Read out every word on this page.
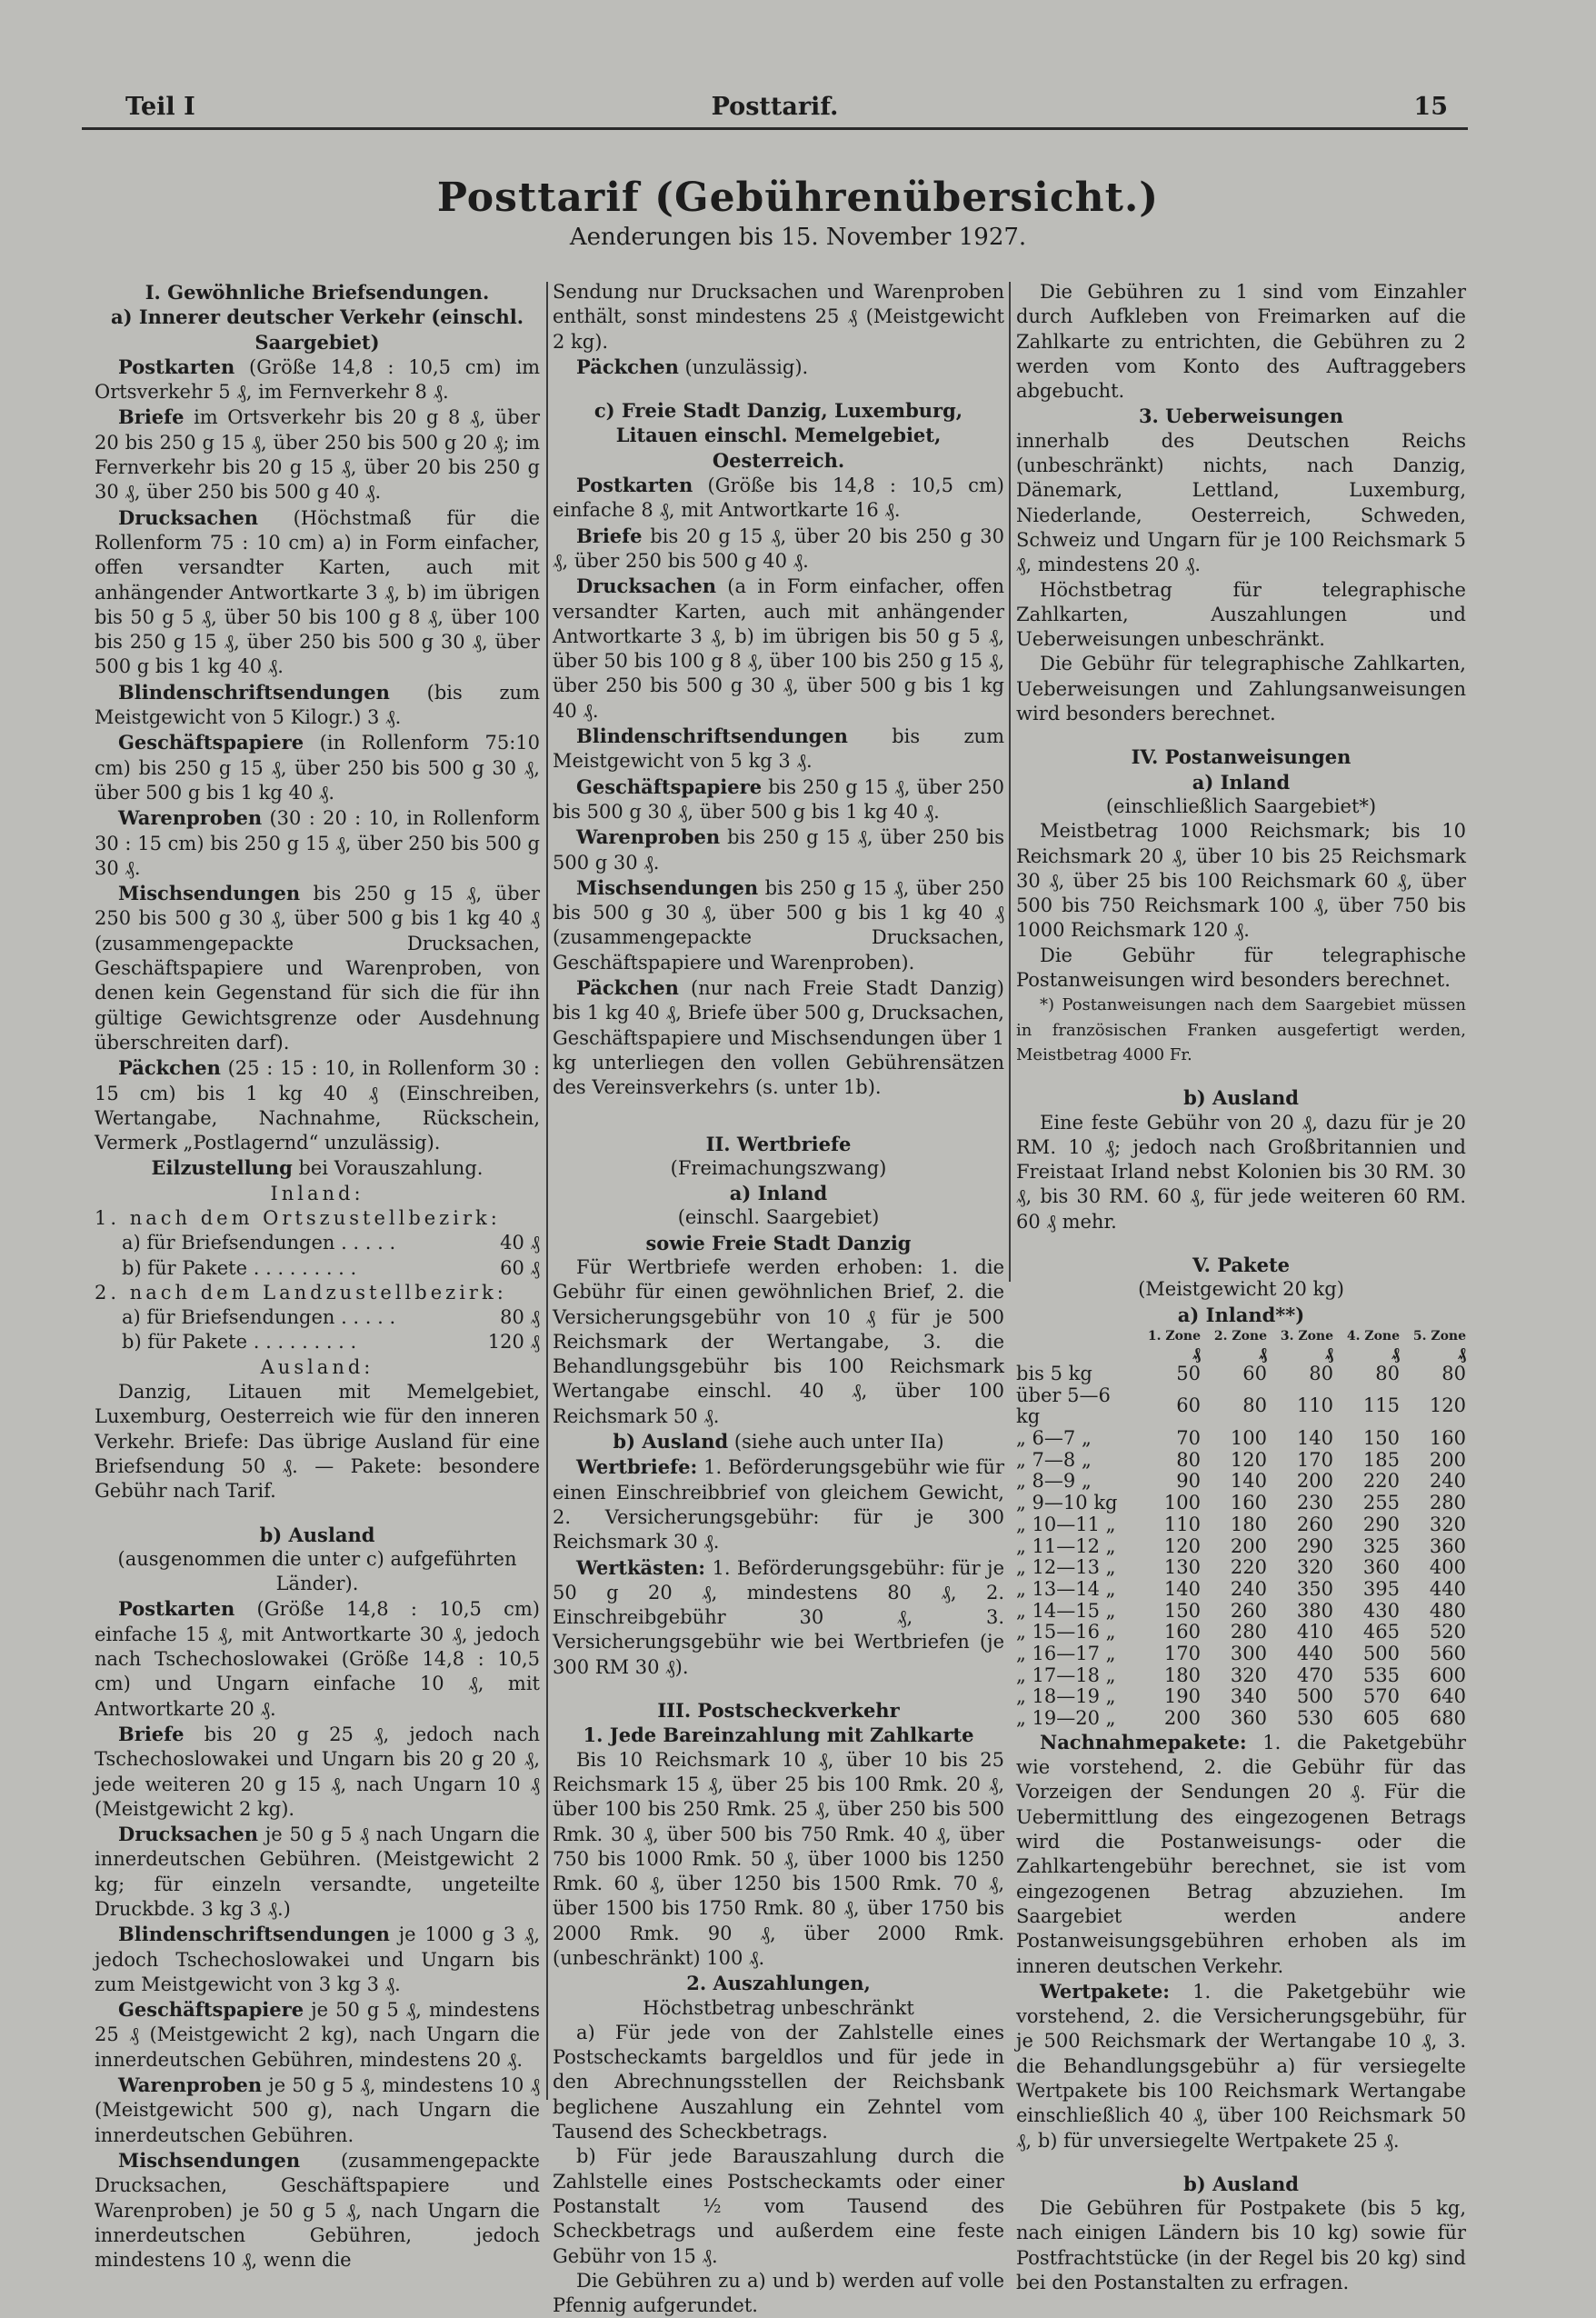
Teil I	Posttarif.	15
Posttarif (Gebührenübersicht.)
Aenderungen bis 15. November 1927.

I. Gewöhnliche Briefsendungen.

a) Innerer deutscher Verkehr (einschl. Saargebiet)

Postkarten (Größe 14,8 : 10,5 cm) im Ortsverkehr 5 ₰, im Fernverkehr 8 ₰.

Briefe im Ortsverkehr bis 20 g 8 ₰, über 20 bis 250 g 15 ₰, über 250 bis 500 g 20 ₰; im Fernverkehr bis 20 g 15 ₰, über 20 bis 250 g 30 ₰, über 250 bis 500 g 40 ₰.

Drucksachen (Höchstmaß für die Rollenform 75 : 10 cm) a) in Form einfacher, offen versandter Karten, auch mit anhängender Antwortkarte 3 ₰, b) im übrigen bis 50 g 5 ₰, über 50 bis 100 g 8 ₰, über 100 bis 250 g 15 ₰, über 250 bis 500 g 30 ₰, über 500 g bis 1 kg 40 ₰.

Blindenschriftsendungen (bis zum Meistgewicht von 5 Kilogr.) 3 ₰.

Geschäftspapiere (in Rollenform 75:10 cm) bis 250 g 15 ₰, über 250 bis 500 g 30 ₰, über 500 g bis 1 kg 40 ₰.

Warenproben (30 : 20 : 10, in Rollenform 30 : 15 cm) bis 250 g 15 ₰, über 250 bis 500 g 30 ₰.

Mischsendungen bis 250 g 15 ₰, über 250 bis 500 g 30 ₰, über 500 g bis 1 kg 40 ₰ (zusammengepackte Drucksachen, Geschäftspapiere und Warenproben, von denen kein Gegenstand für sich die für ihn gültige Gewichtsgrenze oder Ausdehnung überschreiten darf).

Päckchen (25 : 15 : 10, in Rollenform 30 : 15 cm) bis 1 kg 40 ₰ (Einschreiben, Wertangabe, Nachnahme, Rückschein, Vermerk „Postlagernd“ unzulässig).

Eilzustellung bei Vorauszahlung.

Inland:

1. nach dem Ortszustellbezirk:

a) für Briefsendungen . . . . .	40 ₰
b) für Pakete . . . . . . . . .	60 ₰

2. nach dem Landzustellbezirk:

a) für Briefsendungen . . . . .	80 ₰
b) für Pakete . . . . . . . . .	120 ₰

Ausland:

Danzig, Litauen mit Memelgebiet, Luxemburg, Oesterreich wie für den inneren Verkehr. Briefe: Das übrige Ausland für eine Briefsendung 50 ₰. — Pakete: besondere Gebühr nach Tarif.

b) Ausland

(ausgenommen die unter c) aufgeführten Länder).

Postkarten (Größe 14,8 : 10,5 cm) einfache 15 ₰, mit Antwortkarte 30 ₰, jedoch nach Tschechoslowakei (Größe 14,8 : 10,5 cm) und Ungarn einfache 10 ₰, mit Antwortkarte 20 ₰.

Briefe bis 20 g 25 ₰, jedoch nach Tschechoslowakei und Ungarn bis 20 g 20 ₰, jede weiteren 20 g 15 ₰, nach Ungarn 10 ₰ (Meistgewicht 2 kg).

Drucksachen je 50 g 5 ₰ nach Ungarn die innerdeutschen Gebühren. (Meistgewicht 2 kg; für einzeln versandte, ungeteilte Druckbde. 3 kg 3 ₰.)

Blindenschriftsendungen je 1000 g 3 ₰, jedoch Tschechoslowakei und Ungarn bis zum Meistgewicht von 3 kg 3 ₰.

Geschäftspapiere je 50 g 5 ₰, mindestens 25 ₰ (Meistgewicht 2 kg), nach Ungarn die innerdeutschen Gebühren, mindestens 20 ₰.

Warenproben je 50 g 5 ₰, mindestens 10 ₰ (Meistgewicht 500 g), nach Ungarn die innerdeutschen Gebühren.

Mischsendungen (zusammengepackte Drucksachen, Geschäftspapiere und Warenproben) je 50 g 5 ₰, nach Ungarn die innerdeutschen Gebühren, jedoch mindestens 10 ₰, wenn die

Sendung nur Drucksachen und Warenproben enthält, sonst mindestens 25 ₰ (Meistgewicht 2 kg).

Päckchen (unzulässig).

c) Freie Stadt Danzig, Luxemburg, Litauen einschl. Memelgebiet, Oesterreich.

Postkarten (Größe bis 14,8 : 10,5 cm) einfache 8 ₰, mit Antwortkarte 16 ₰.

Briefe bis 20 g 15 ₰, über 20 bis 250 g 30 ₰, über 250 bis 500 g 40 ₰.

Drucksachen (a in Form einfacher, offen versandter Karten, auch mit anhängender Antwortkarte 3 ₰, b) im übrigen bis 50 g 5 ₰, über 50 bis 100 g 8 ₰, über 100 bis 250 g 15 ₰, über 250 bis 500 g 30 ₰, über 500 g bis 1 kg 40 ₰.

Blindenschriftsendungen bis zum Meistgewicht von 5 kg 3 ₰.

Geschäftspapiere bis 250 g 15 ₰, über 250 bis 500 g 30 ₰, über 500 g bis 1 kg 40 ₰.

Warenproben bis 250 g 15 ₰, über 250 bis 500 g 30 ₰.

Mischsendungen bis 250 g 15 ₰, über 250 bis 500 g 30 ₰, über 500 g bis 1 kg 40 ₰ (zusammengepackte Drucksachen, Geschäftspapiere und Warenproben).

Päckchen (nur nach Freie Stadt Danzig) bis 1 kg 40 ₰, Briefe über 500 g, Drucksachen, Geschäftspapiere und Mischsendungen über 1 kg unterliegen den vollen Gebührensätzen des Vereinsverkehrs (s. unter 1b).

II. Wertbriefe

(Freimachungszwang)

a) Inland

(einschl. Saargebiet)

sowie Freie Stadt Danzig

Für Wertbriefe werden erhoben: 1. die Gebühr für einen gewöhnlichen Brief, 2. die Versicherungsgebühr von 10 ₰ für je 500 Reichsmark der Wertangabe, 3. die Behandlungsgebühr bis 100 Reichsmark Wertangabe einschl. 40 ₰, über 100 Reichsmark 50 ₰.

b) Ausland (siehe auch unter IIa)

Wertbriefe: 1. Beförderungsgebühr wie für einen Einschreibbrief von gleichem Gewicht, 2. Versicherungsgebühr: für je 300 Reichsmark 30 ₰.

Wertkästen: 1. Beförderungsgebühr: für je 50 g 20 ₰, mindestens 80 ₰, 2. Einschreibgebühr 30 ₰, 3. Versicherungsgebühr wie bei Wertbriefen (je 300 RM 30 ₰).

III. Postscheckverkehr

1. Jede Bareinzahlung mit Zahlkarte

Bis 10 Reichsmark 10 ₰, über 10 bis 25 Reichsmark 15 ₰, über 25 bis 100 Rmk. 20 ₰, über 100 bis 250 Rmk. 25 ₰, über 250 bis 500 Rmk. 30 ₰, über 500 bis 750 Rmk. 40 ₰, über 750 bis 1000 Rmk. 50 ₰, über 1000 bis 1250 Rmk. 60 ₰, über 1250 bis 1500 Rmk. 70 ₰, über 1500 bis 1750 Rmk. 80 ₰, über 1750 bis 2000 Rmk. 90 ₰, über 2000 Rmk. (unbeschränkt) 100 ₰.

2. Auszahlungen,

Höchstbetrag unbeschränkt

a) Für jede von der Zahlstelle eines Postscheckamts bargeldlos und für jede in den Abrechnungsstellen der Reichsbank beglichene Auszahlung ein Zehntel vom Tausend des Scheckbetrags.

b) Für jede Barauszahlung durch die Zahlstelle eines Postscheckamts oder einer Postanstalt ½ vom Tausend des Scheckbetrags und außerdem eine feste Gebühr von 15 ₰.

Die Gebühren zu a) und b) werden auf volle Pfennig aufgerundet.

Die Gebühren zu 1 sind vom Einzahler durch Aufkleben von Freimarken auf die Zahlkarte zu entrichten, die Gebühren zu 2 werden vom Konto des Auftraggebers abgebucht.

3. Ueberweisungen

innerhalb des Deutschen Reichs (unbeschränkt) nichts, nach Danzig, Dänemark, Lettland, Luxemburg, Niederlande, Oesterreich, Schweden, Schweiz und Ungarn für je 100 Reichsmark 5 ₰, mindestens 20 ₰.

Höchstbetrag für telegraphische Zahlkarten, Auszahlungen und Ueberweisungen unbeschränkt.

Die Gebühr für telegraphische Zahlkarten, Ueberweisungen und Zahlungsanweisungen wird besonders berechnet.

IV. Postanweisungen

a) Inland

(einschließlich Saargebiet*)

Meistbetrag 1000 Reichsmark; bis 10 Reichsmark 20 ₰, über 10 bis 25 Reichsmark 30 ₰, über 25 bis 100 Reichsmark 60 ₰, über 500 bis 750 Reichsmark 100 ₰, über 750 bis 1000 Reichsmark 120 ₰.

Die Gebühr für telegraphische Postanweisungen wird besonders berechnet.

*) Postanweisungen nach dem Saargebiet müssen in französischen Franken ausgefertigt werden, Meistbetrag 4000 Fr.

b) Ausland

Eine feste Gebühr von 20 ₰, dazu für je 20 RM. 10 ₰; jedoch nach Großbritannien und Freistaat Irland nebst Kolonien bis 30 RM. 30 ₰, bis 30 RM. 60 ₰, für jede weiteren 60 RM. 60 ₰ mehr.

V. Pakete

(Meistgewicht 20 kg)

a) Inland**)

	1. Zone	2. Zone	3. Zone	4. Zone	5. Zone
	₰	₰	₰	₰	₰
bis 5 kg	50	60	80	80	80
über 5—6 kg	60	80	110	115	120
„ 6—7 „	70	100	140	150	160
„ 7—8 „	80	120	170	185	200
„ 8—9 „	90	140	200	220	240
„ 9—10 kg	100	160	230	255	280
„ 10—11 „	110	180	260	290	320
„ 11—12 „	120	200	290	325	360
„ 12—13 „	130	220	320	360	400
„ 13—14 „	140	240	350	395	440
„ 14—15 „	150	260	380	430	480
„ 15—16 „	160	280	410	465	520
„ 16—17 „	170	300	440	500	560
„ 17—18 „	180	320	470	535	600
„ 18—19 „	190	340	500	570	640
„ 19—20 „	200	360	530	605	680

Nachnahmepakete: 1. die Paketgebühr wie vorstehend, 2. die Gebühr für das Vorzeigen der Sendungen 20 ₰. Für die Uebermittlung des eingezogenen Betrags wird die Postanweisungs- oder die Zahlkartengebühr berechnet, sie ist vom eingezogenen Betrag abzuziehen. Im Saargebiet werden andere Postanweisungsgebühren erhoben als im inneren deutschen Verkehr.

Wertpakete: 1. die Paketgebühr wie vorstehend, 2. die Versicherungsgebühr, für je 500 Reichsmark der Wertangabe 10 ₰, 3. die Behandlungsgebühr a) für versiegelte Wertpakete bis 100 Reichsmark Wertangabe einschließlich 40 ₰, über 100 Reichsmark 50 ₰, b) für unversiegelte Wertpakete 25 ₰.

b) Ausland

Die Gebühren für Postpakete (bis 5 kg, nach einigen Ländern bis 10 kg) sowie für Postfrachtstücke (in der Regel bis 20 kg) sind bei den Postanstalten zu erfragen.
